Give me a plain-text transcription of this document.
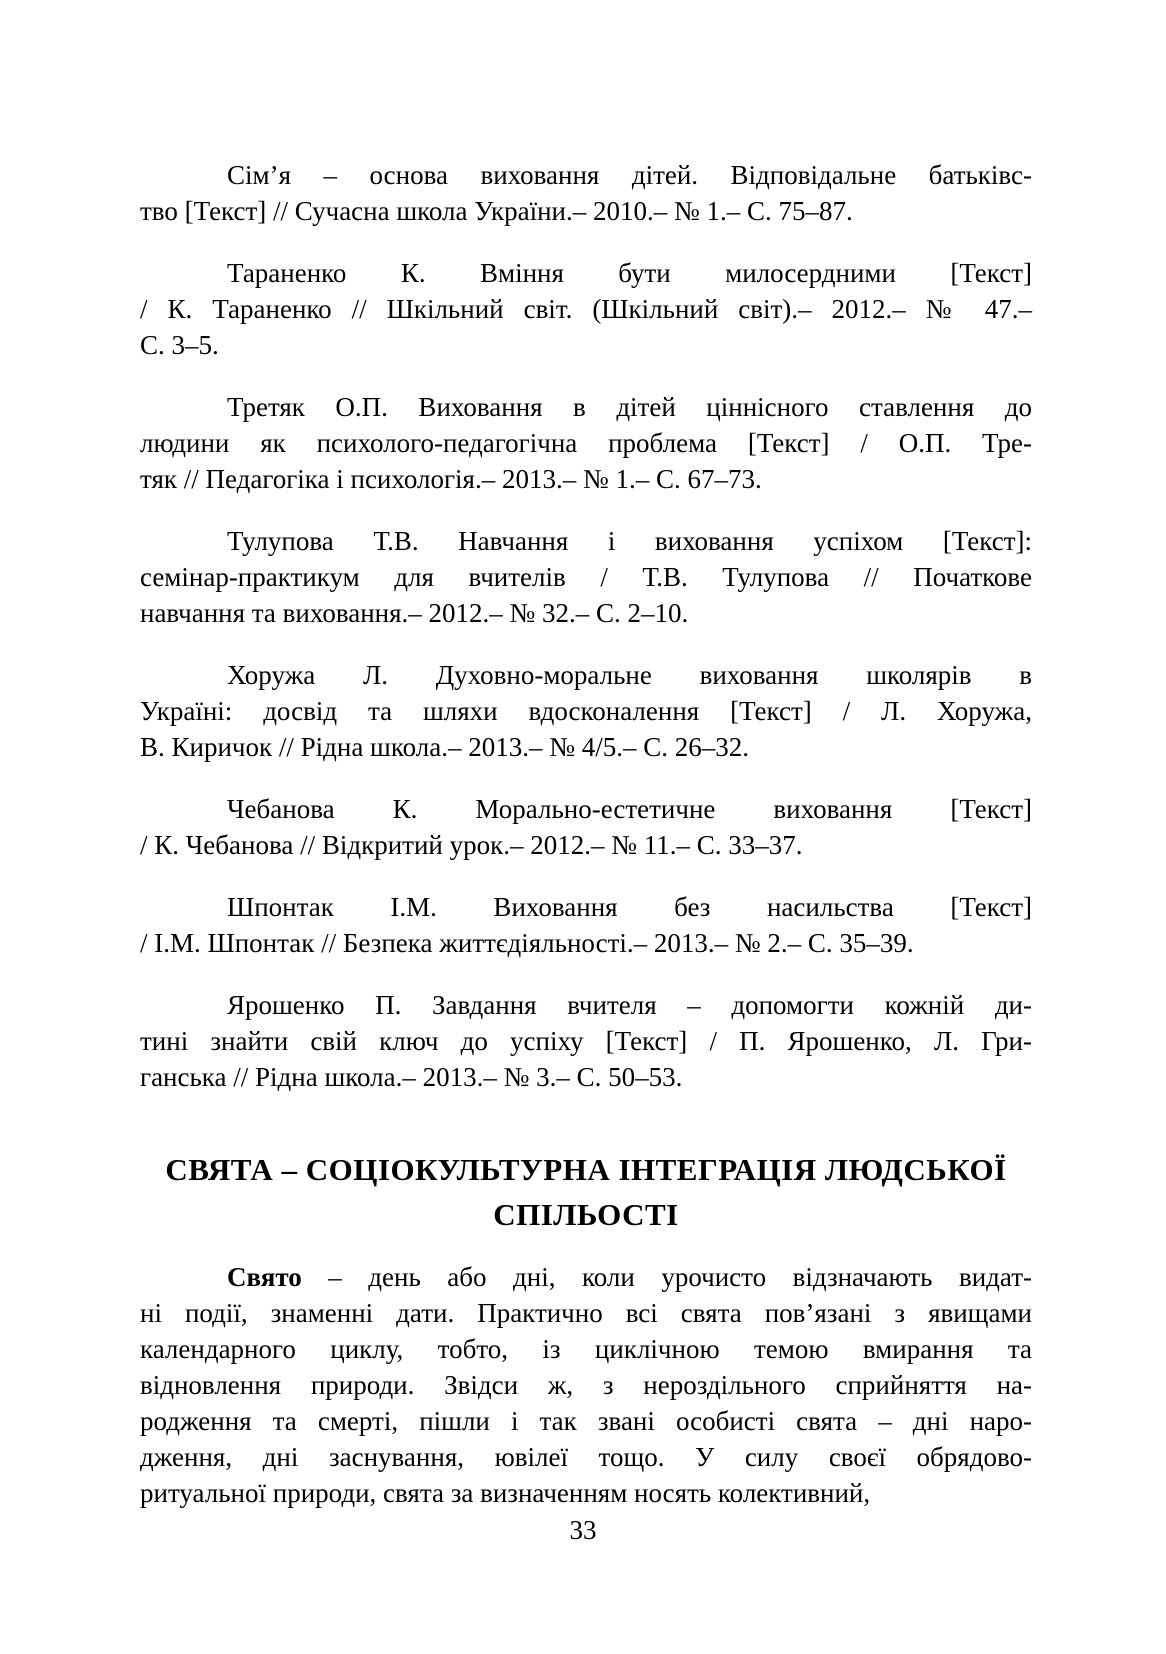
Сім’я – основа виховання дітей. Відповідальне батьківс-
тво [Текст] // Сучасна школа України.– 2010.– № 1.– С. 75–87.
Тараненко К. Вміння бути милосердними [Текст]
/ К. Тараненко // Шкільний світ. (Шкільний світ).– 2012.– № 47.–
С. 3–5.
Третяк О.П. Виховання в дітей ціннісного ставлення до
людини як психолого-педагогічна проблема [Текст] / О.П. Тре-
тяк // Педагогіка і психологія.– 2013.– № 1.– С. 67–73.
Тулупова Т.В. Навчання і виховання успіхом [Текст]:
семінар-практикум для вчителів / Т.В. Тулупова // Початкове
навчання та виховання.– 2012.– № 32.– С. 2–10.
Хоружа Л. Духовно-моральне виховання школярів в
Україні: досвід та шляхи вдосконалення [Текст] / Л. Хоружа,
В. Киричок // Рідна школа.– 2013.– № 4/5.– С. 26–32.
Чебанова К. Морально-естетичне виховання [Текст]
/ К. Чебанова // Відкритий урок.– 2012.– № 11.– С. 33–37.
Шпонтак І.М. Виховання без насильства [Текст]
/ І.М. Шпонтак // Безпека життєдіяльності.– 2013.– № 2.– С. 35–39.
Ярошенко П. Завдання вчителя – допомогти кожній ди-
тині знайти свій ключ до успіху [Текст] / П. Ярошенко, Л. Гри-
ганська // Рідна школа.– 2013.– № 3.– С. 50–53.
СВЯТА – СОЦІОКУЛЬТУРНА ІНТЕГРАЦІЯ ЛЮДСЬКОЇ
СПІЛЬОСТІ
Свято – день або дні, коли урочисто відзначають видат-
ні події, знаменні дати. Практично всі свята пов’язані з явищами
календарного циклу, тобто, із циклічною темою вмирання та
відновлення природи. Звідси ж, з нероздільного сприйняття на-
родження та смерті, пішли і так звані особисті свята – дні наро-
дження, дні заснування, ювілеї тощо. У силу своєї обрядово-
ритуальної природи, свята за визначенням носять колективний,
33
